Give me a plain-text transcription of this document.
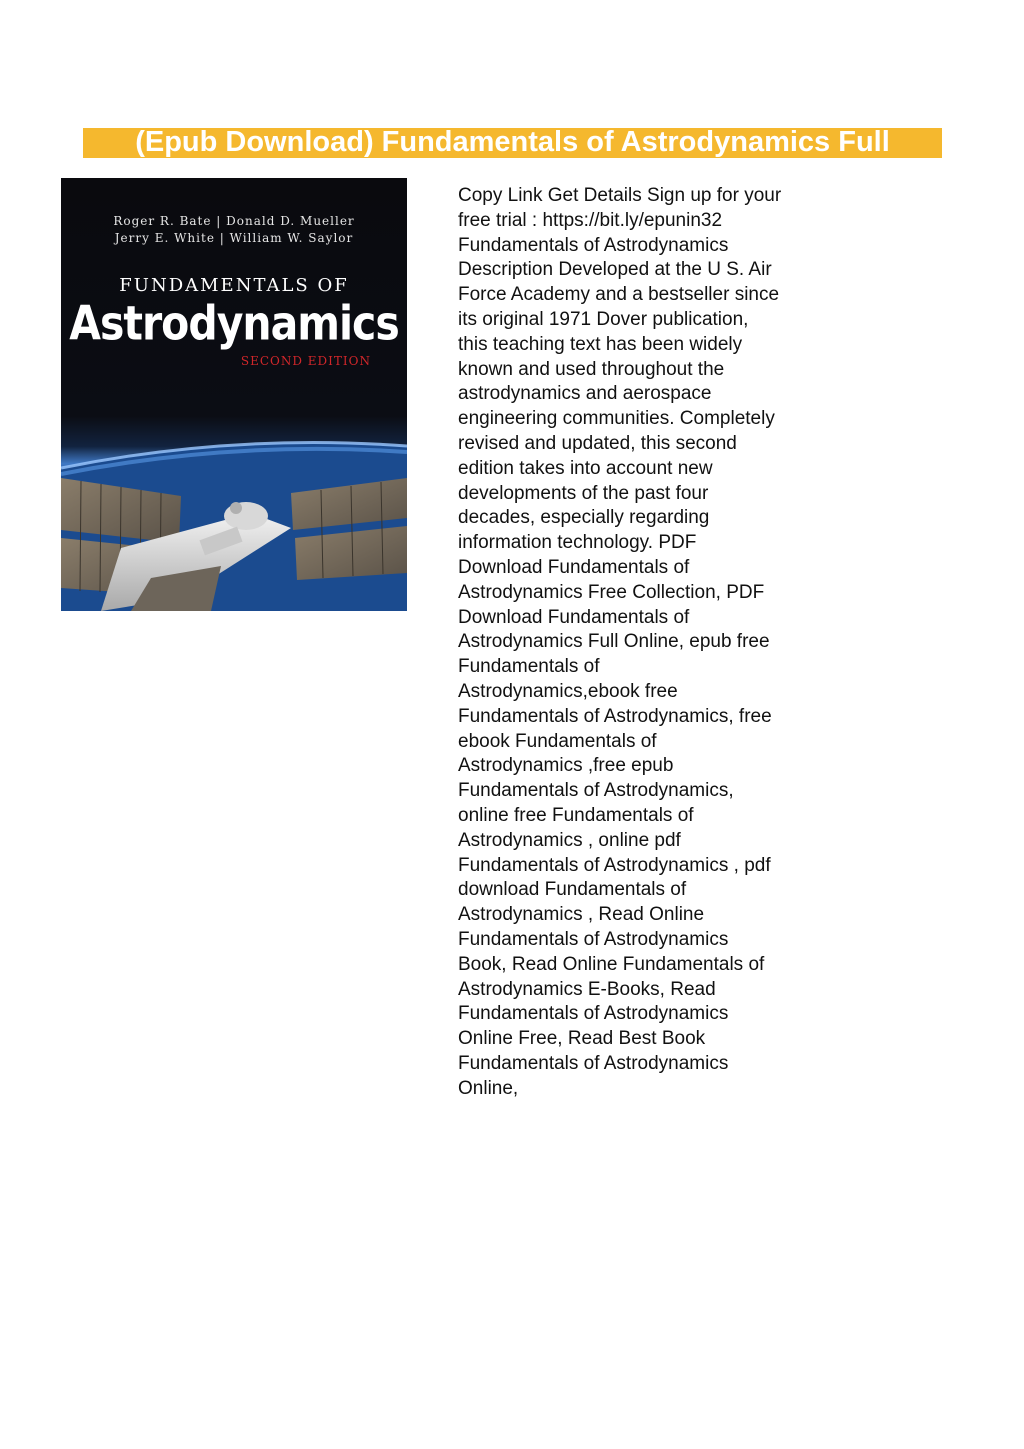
(Epub Download) Fundamentals of Astrodynamics Full
Roger R. Bate | Donald D. Mueller
Jerry E. White | William W. Saylor
FUNDAMENTALS OF
Astrodynamics
SECOND EDITION
Copy Link Get Details Sign up for your
free trial : https://bit.ly/epunin32
Fundamentals of Astrodynamics
Description Developed at the U S. Air
Force Academy and a bestseller since
its original 1971 Dover publication,
this teaching text has been widely
known and used throughout the
astrodynamics and aerospace
engineering communities. Completely
revised and updated, this second
edition takes into account new
developments of the past four
decades, especially regarding
information technology. PDF
Download Fundamentals of
Astrodynamics Free Collection, PDF
Download Fundamentals of
Astrodynamics Full Online, epub free
Fundamentals of
Astrodynamics,ebook free
Fundamentals of Astrodynamics, free
ebook Fundamentals of
Astrodynamics ,free epub
Fundamentals of Astrodynamics,
online free Fundamentals of
Astrodynamics , online pdf
Fundamentals of Astrodynamics , pdf
download Fundamentals of
Astrodynamics , Read Online
Fundamentals of Astrodynamics
Book, Read Online Fundamentals of
Astrodynamics E-Books, Read
Fundamentals of Astrodynamics
Online Free, Read Best Book
Fundamentals of Astrodynamics
Online,
